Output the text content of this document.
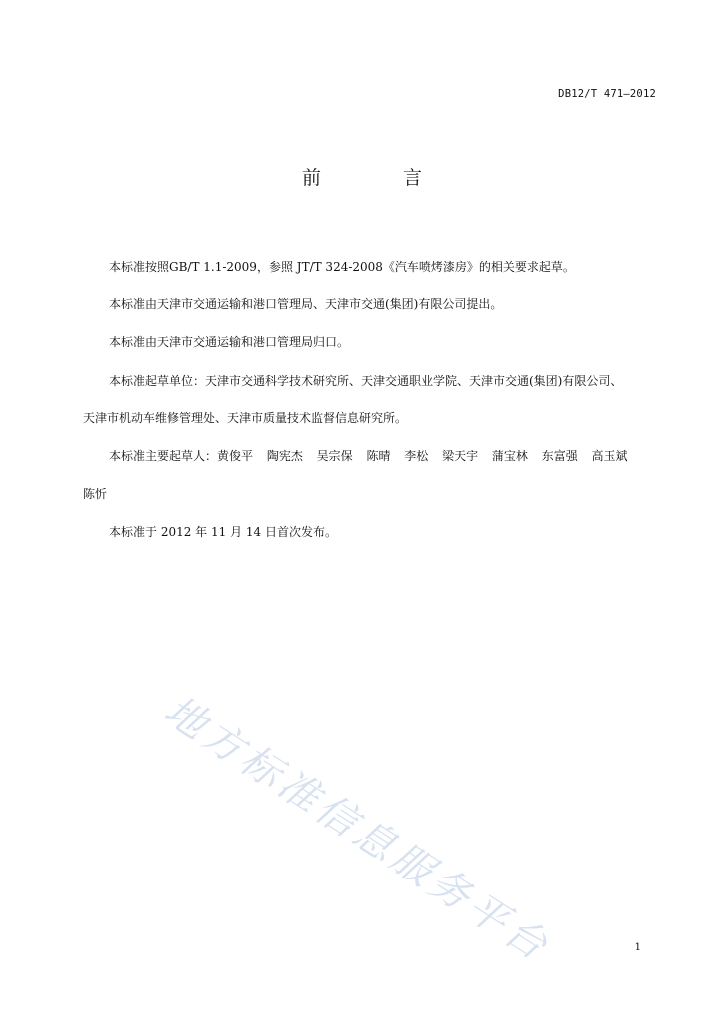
DB12/T 471—2012
前 言
本标准按照GB/T 1.1-2009，参照 JT/T 324-2008《汽车喷烤漆房》的相关要求起草。
本标准由天津市交通运输和港口管理局、天津市交通(集团)有限公司提出。
本标准由天津市交通运输和港口管理局归口。
本标准起草单位：天津市交通科学技术研究所、天津交通职业学院、天津市交通(集团)有限公司、
天津市机动车维修管理处、天津市质量技术监督信息研究所。
本标准主要起草人：黄俊平 陶宪杰 吴宗保 陈晴 李松 梁天宇 蒲宝林 东富强 高玉斌
陈忻
本标准于 2012 年 11 月 14 日首次发布。
地方标准信息服务平台	1
